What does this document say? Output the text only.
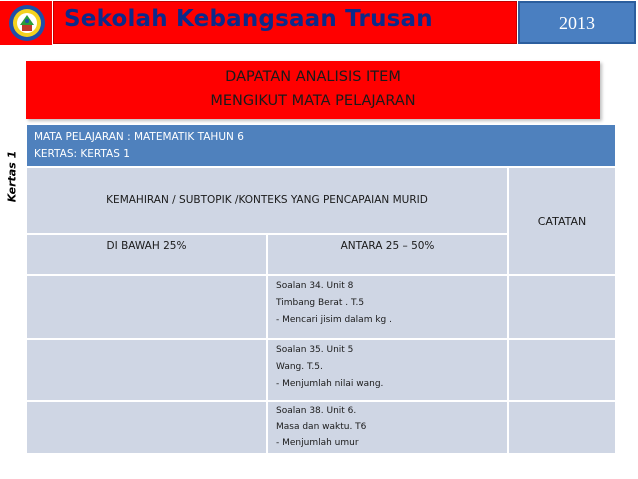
Sekolah Kebangsaan Trusan	2013
DAPATAN ANALISIS ITEM
MENGIKUT MATA PELAJARAN
Kertas 1
MATA PELAJARAN : MATEMATIK TAHUN 6
KERTAS: KERTAS 1
KEMAHIRAN / SUBTOPIK /KONTEKS YANG PENCAPAIAN MURID
CATATAN
DI BAWAH 25%	ANTARA 25 – 50%
Soalan 34. Unit 8
Timbang Berat . T.5
- Mencari jisim dalam kg .
Soalan 35. Unit 5
Wang. T.5.
- Menjumlah nilai wang.
Soalan 38. Unit 6.
Masa dan waktu. T6
- Menjumlah umur
